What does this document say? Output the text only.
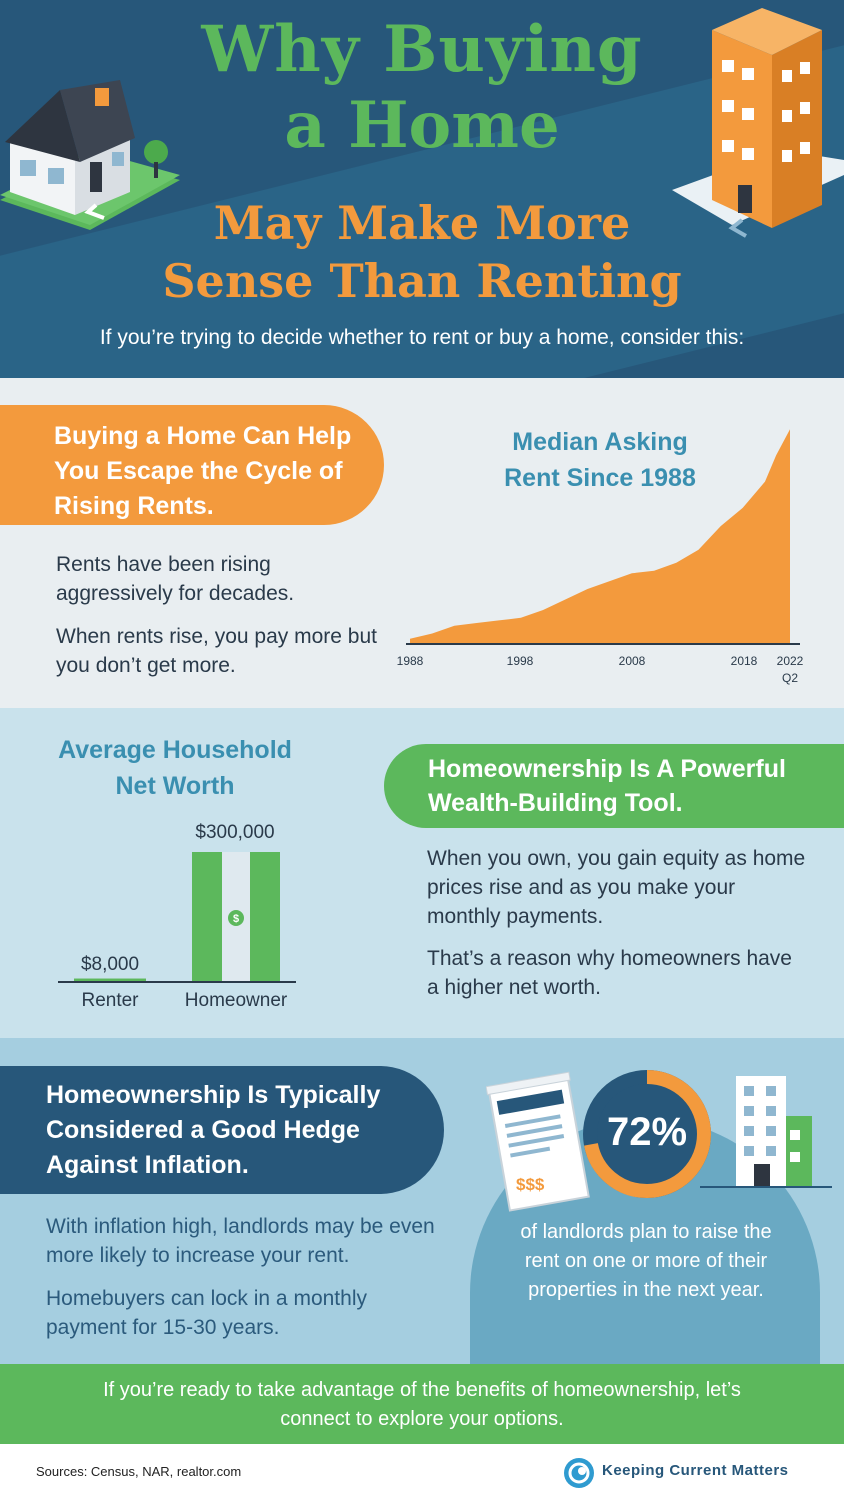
Why Buying
a Home
May Make More
Sense Than Renting
If you’re trying to decide whether to rent or buy a home, consider this:
Buying a Home Can Help You Escape the Cycle of Rising Rents.
Rents have been rising aggressively for decades.
When rents rise, you pay more but you don’t get more.
Median Asking
Rent Since 1988
1988	1998	2008	2018	2022
Q2
Average Household
Net Worth
$
$8,000
$300,000
Renter	Homeowner
Homeownership Is A Powerful Wealth-Building Tool.
When you own, you gain equity as home prices rise and as you make your monthly payments.
That’s a reason why homeowners have a higher net worth.
Homeownership Is Typically Considered a Good Hedge Against Inflation.
With inflation high, landlords may be even more likely to increase your rent.
Homebuyers can lock in a monthly payment for 15-30 years.
$$$
72%
of landlords plan to raise the rent on one or more of their properties in the next year.

If you’re ready to take advantage of the benefits of homeownership, let’s connect to explore your options.

Sources: Census, NAR, realtor.com	Keeping Current Matters
